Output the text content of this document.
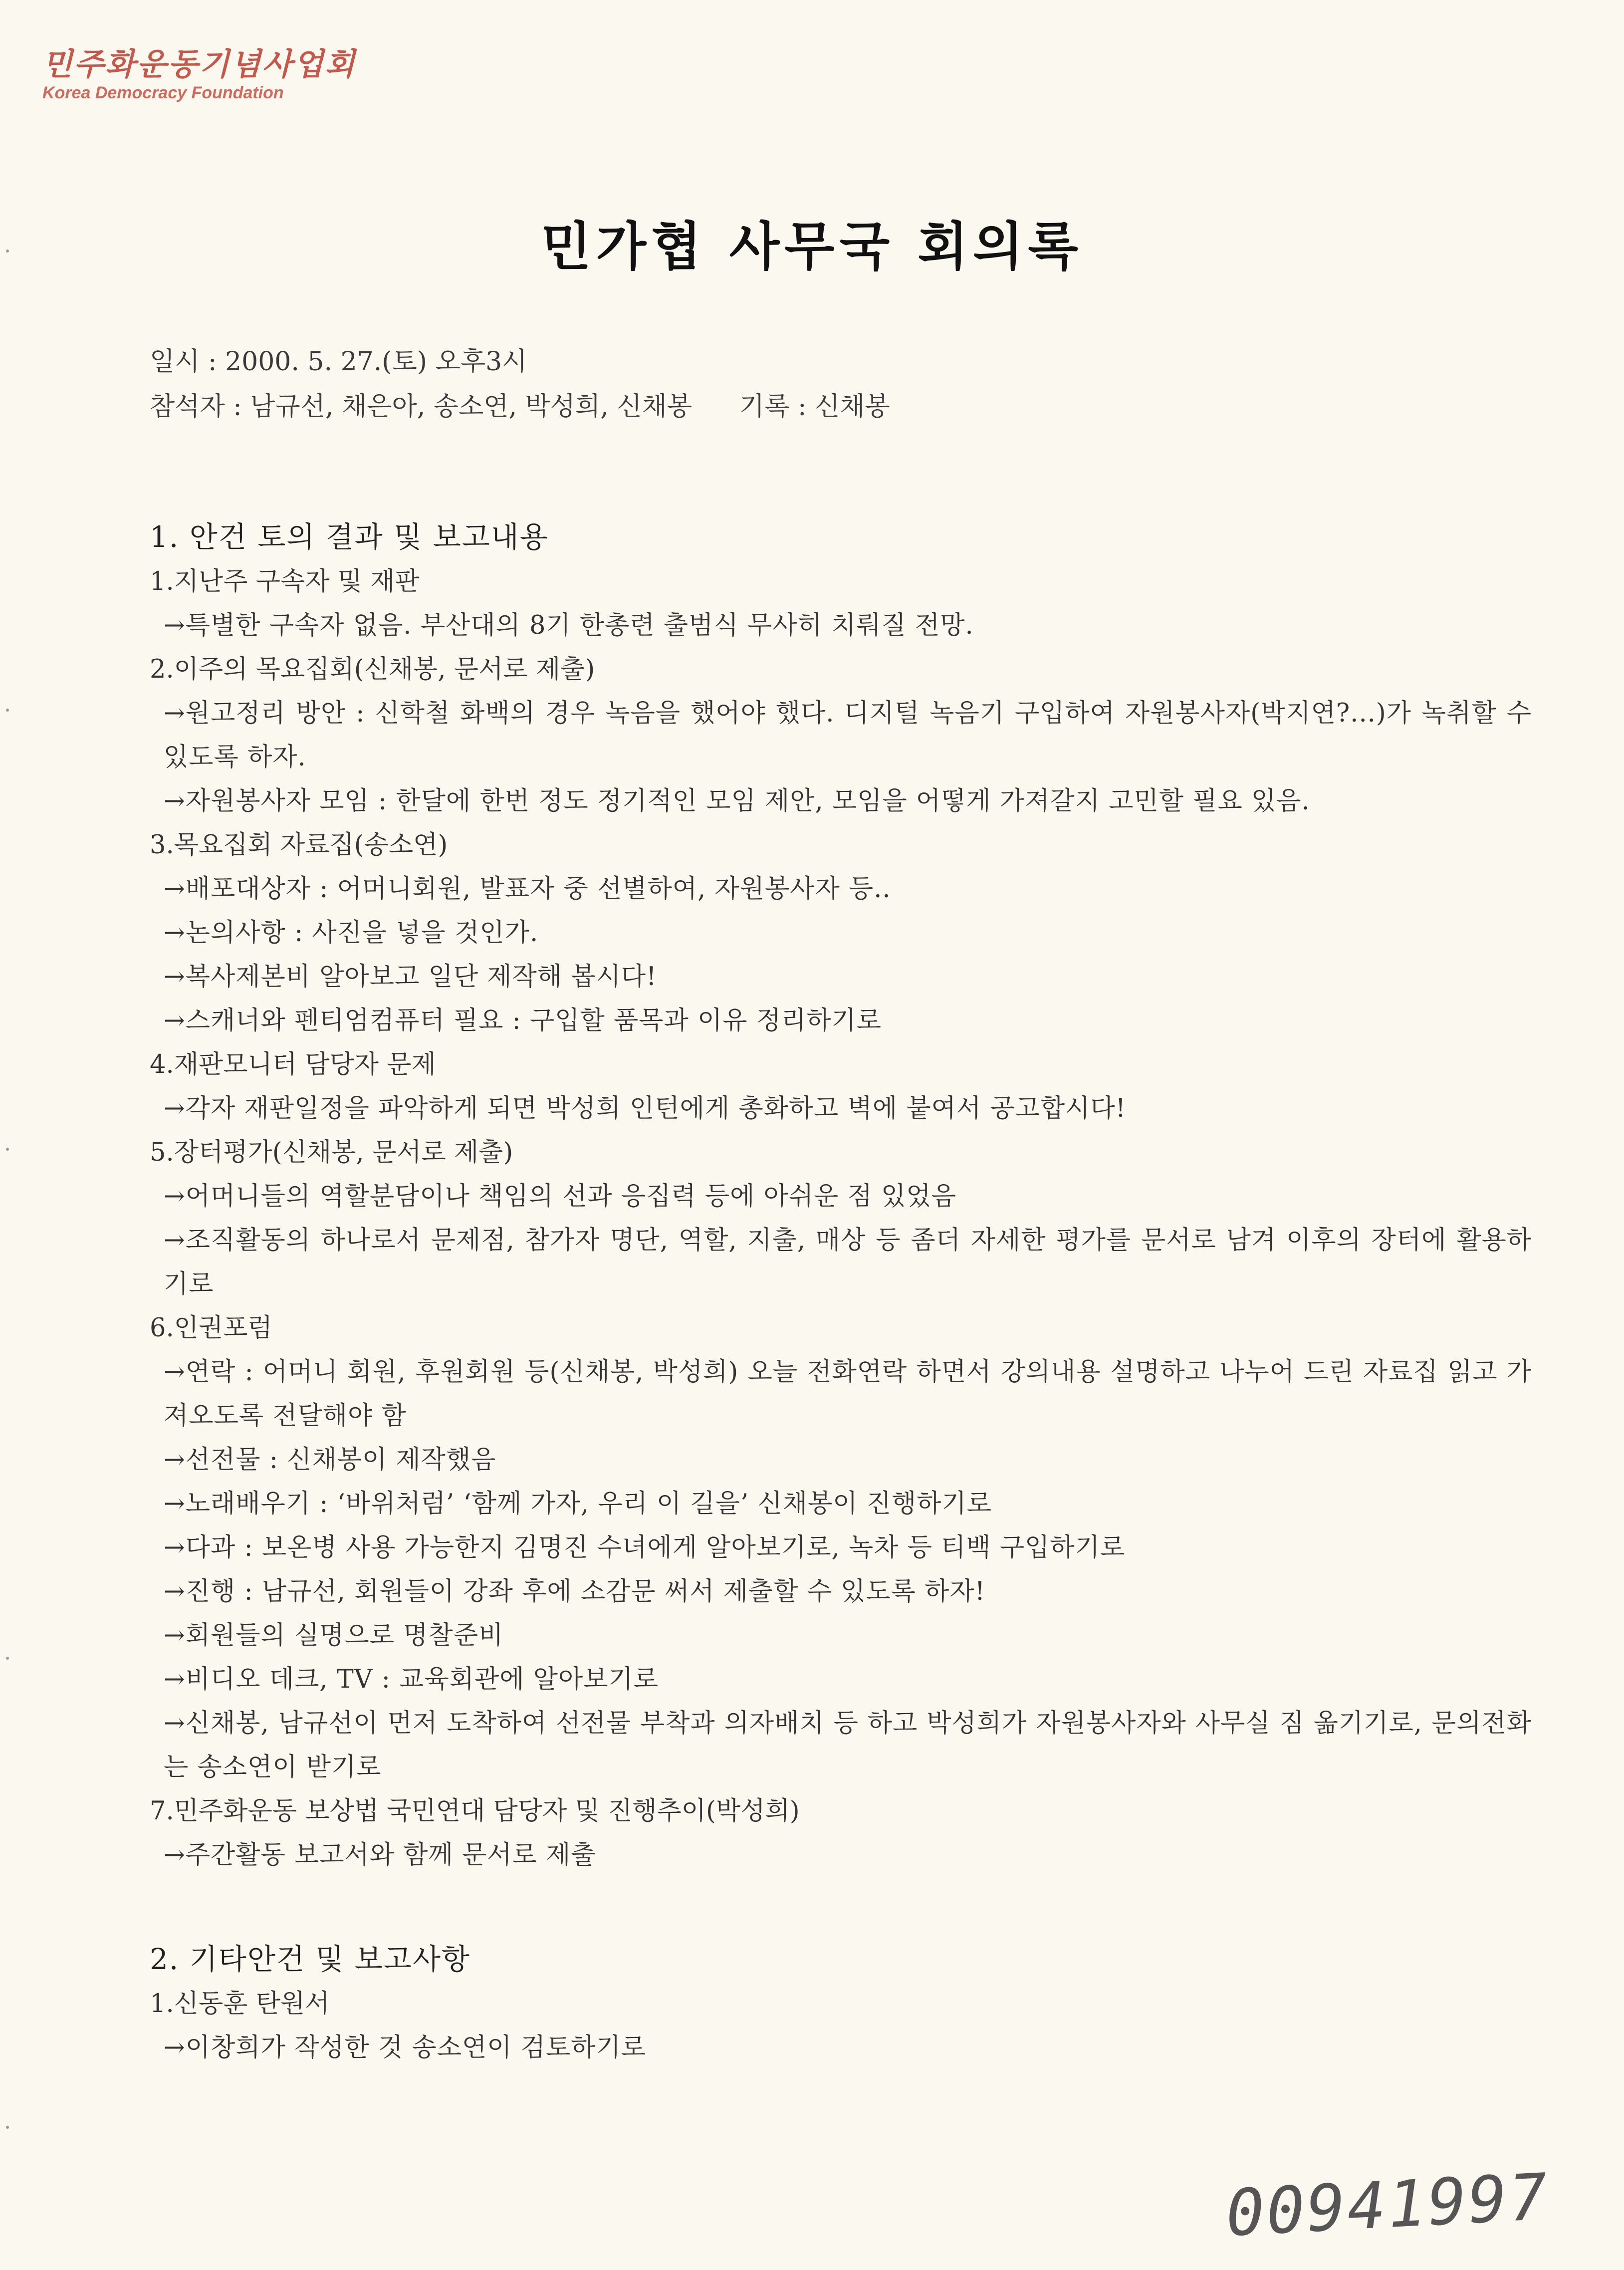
민주화운동기념사업회
Korea Democracy Foundation
민가협 사무국 회의록
일시 : 2000. 5. 27.(토) 오후3시
참석자 : 남규선, 채은아, 송소연, 박성희, 신채봉 기록 : 신채봉
1. 안건 토의 결과 및 보고내용
1.지난주 구속자 및 재판
→특별한 구속자 없음. 부산대의 8기 한총련 출범식 무사히 치뤄질 전망.
2.이주의 목요집회(신채봉, 문서로 제출)
→원고정리 방안 : 신학철 화백의 경우 녹음을 했어야 했다. 디지털 녹음기 구입하여 자원봉사자(박지연?...)가 녹취할 수 있도록 하자.
→자원봉사자 모임 : 한달에 한번 정도 정기적인 모임 제안, 모임을 어떻게 가져갈지 고민할 필요 있음.
3.목요집회 자료집(송소연)
→배포대상자 : 어머니회원, 발표자 중 선별하여, 자원봉사자 등..
→논의사항 : 사진을 넣을 것인가.
→복사제본비 알아보고 일단 제작해 봅시다!
→스캐너와 펜티엄컴퓨터 필요 : 구입할 품목과 이유 정리하기로
4.재판모니터 담당자 문제
→각자 재판일정을 파악하게 되면 박성희 인턴에게 총화하고 벽에 붙여서 공고합시다!
5.장터평가(신채봉, 문서로 제출)
→어머니들의 역할분담이나 책임의 선과 응집력 등에 아쉬운 점 있었음
→조직활동의 하나로서 문제점, 참가자 명단, 역할, 지출, 매상 등 좀더 자세한 평가를 문서로 남겨 이후의 장터에 활용하기로
6.인권포럼
→연락 : 어머니 회원, 후원회원 등(신채봉, 박성희) 오늘 전화연락 하면서 강의내용 설명하고 나누어 드린 자료집 읽고 가져오도록 전달해야 함
→선전물 : 신채봉이 제작했음
→노래배우기 : ‘바위처럼’ ‘함께 가자, 우리 이 길을’ 신채봉이 진행하기로
→다과 : 보온병 사용 가능한지 김명진 수녀에게 알아보기로, 녹차 등 티백 구입하기로
→진행 : 남규선, 회원들이 강좌 후에 소감문 써서 제출할 수 있도록 하자!
→회원들의 실명으로 명찰준비
→비디오 데크, TV : 교육회관에 알아보기로
→신채봉, 남규선이 먼저 도착하여 선전물 부착과 의자배치 등 하고 박성희가 자원봉사자와 사무실 짐 옮기기로, 문의전화는 송소연이 받기로
7.민주화운동 보상법 국민연대 담당자 및 진행추이(박성희)
→주간활동 보고서와 함께 문서로 제출
2. 기타안건 및 보고사항
1.신동훈 탄원서
→이창희가 작성한 것 송소연이 검토하기로
00941997
